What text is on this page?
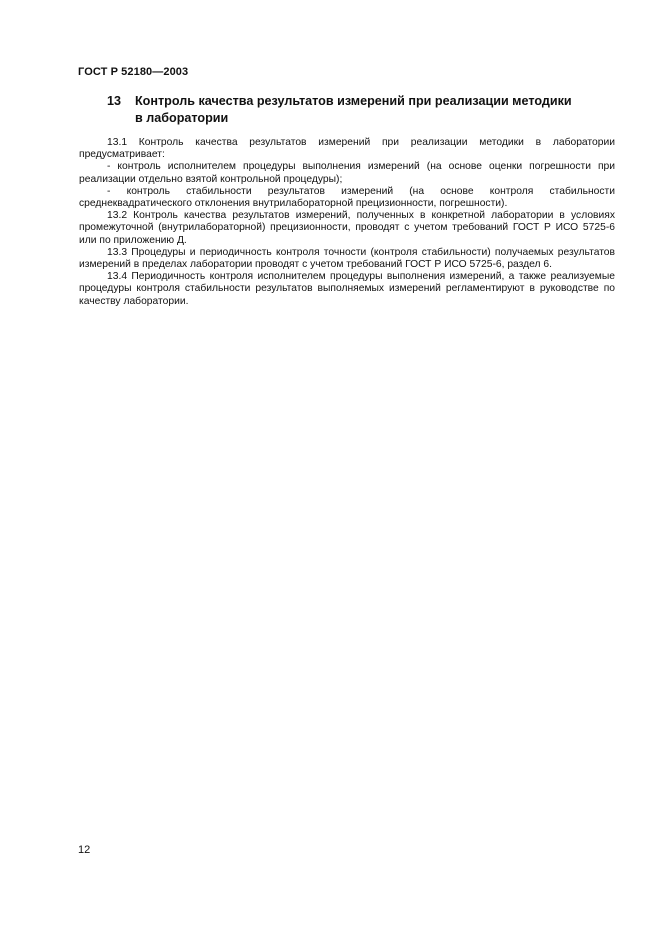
ГОСТ Р 52180—2003
13 Контроль качества результатов измерений при реализации методики
в лаборатории

13.1 Контроль качества результатов измерений при реализации методики в лаборатории предусматривает:

- контроль исполнителем процедуры выполнения измерений (на основе оценки погрешности при реализации отдельно взятой контрольной процедуры);

- контроль стабильности результатов измерений (на основе контроля стабильности среднеквадратического отклонения внутрилабораторной прецизионности, погрешности).

13.2 Контроль качества результатов измерений, полученных в конкретной лаборатории в условиях промежуточной (внутрилабораторной) прецизионности, проводят с учетом требований ГОСТ Р ИСО 5725-6 или по приложению Д.

13.3 Процедуры и периодичность контроля точности (контроля стабильности) получаемых результатов измерений в пределах лаборатории проводят с учетом требований ГОСТ Р ИСО 5725-6, раздел 6.

13.4 Периодичность контроля исполнителем процедуры выполнения измерений, а также реализуемые процедуры контроля стабильности результатов выполняемых измерений регламентируют в руководстве по качеству лаборатории.

12
